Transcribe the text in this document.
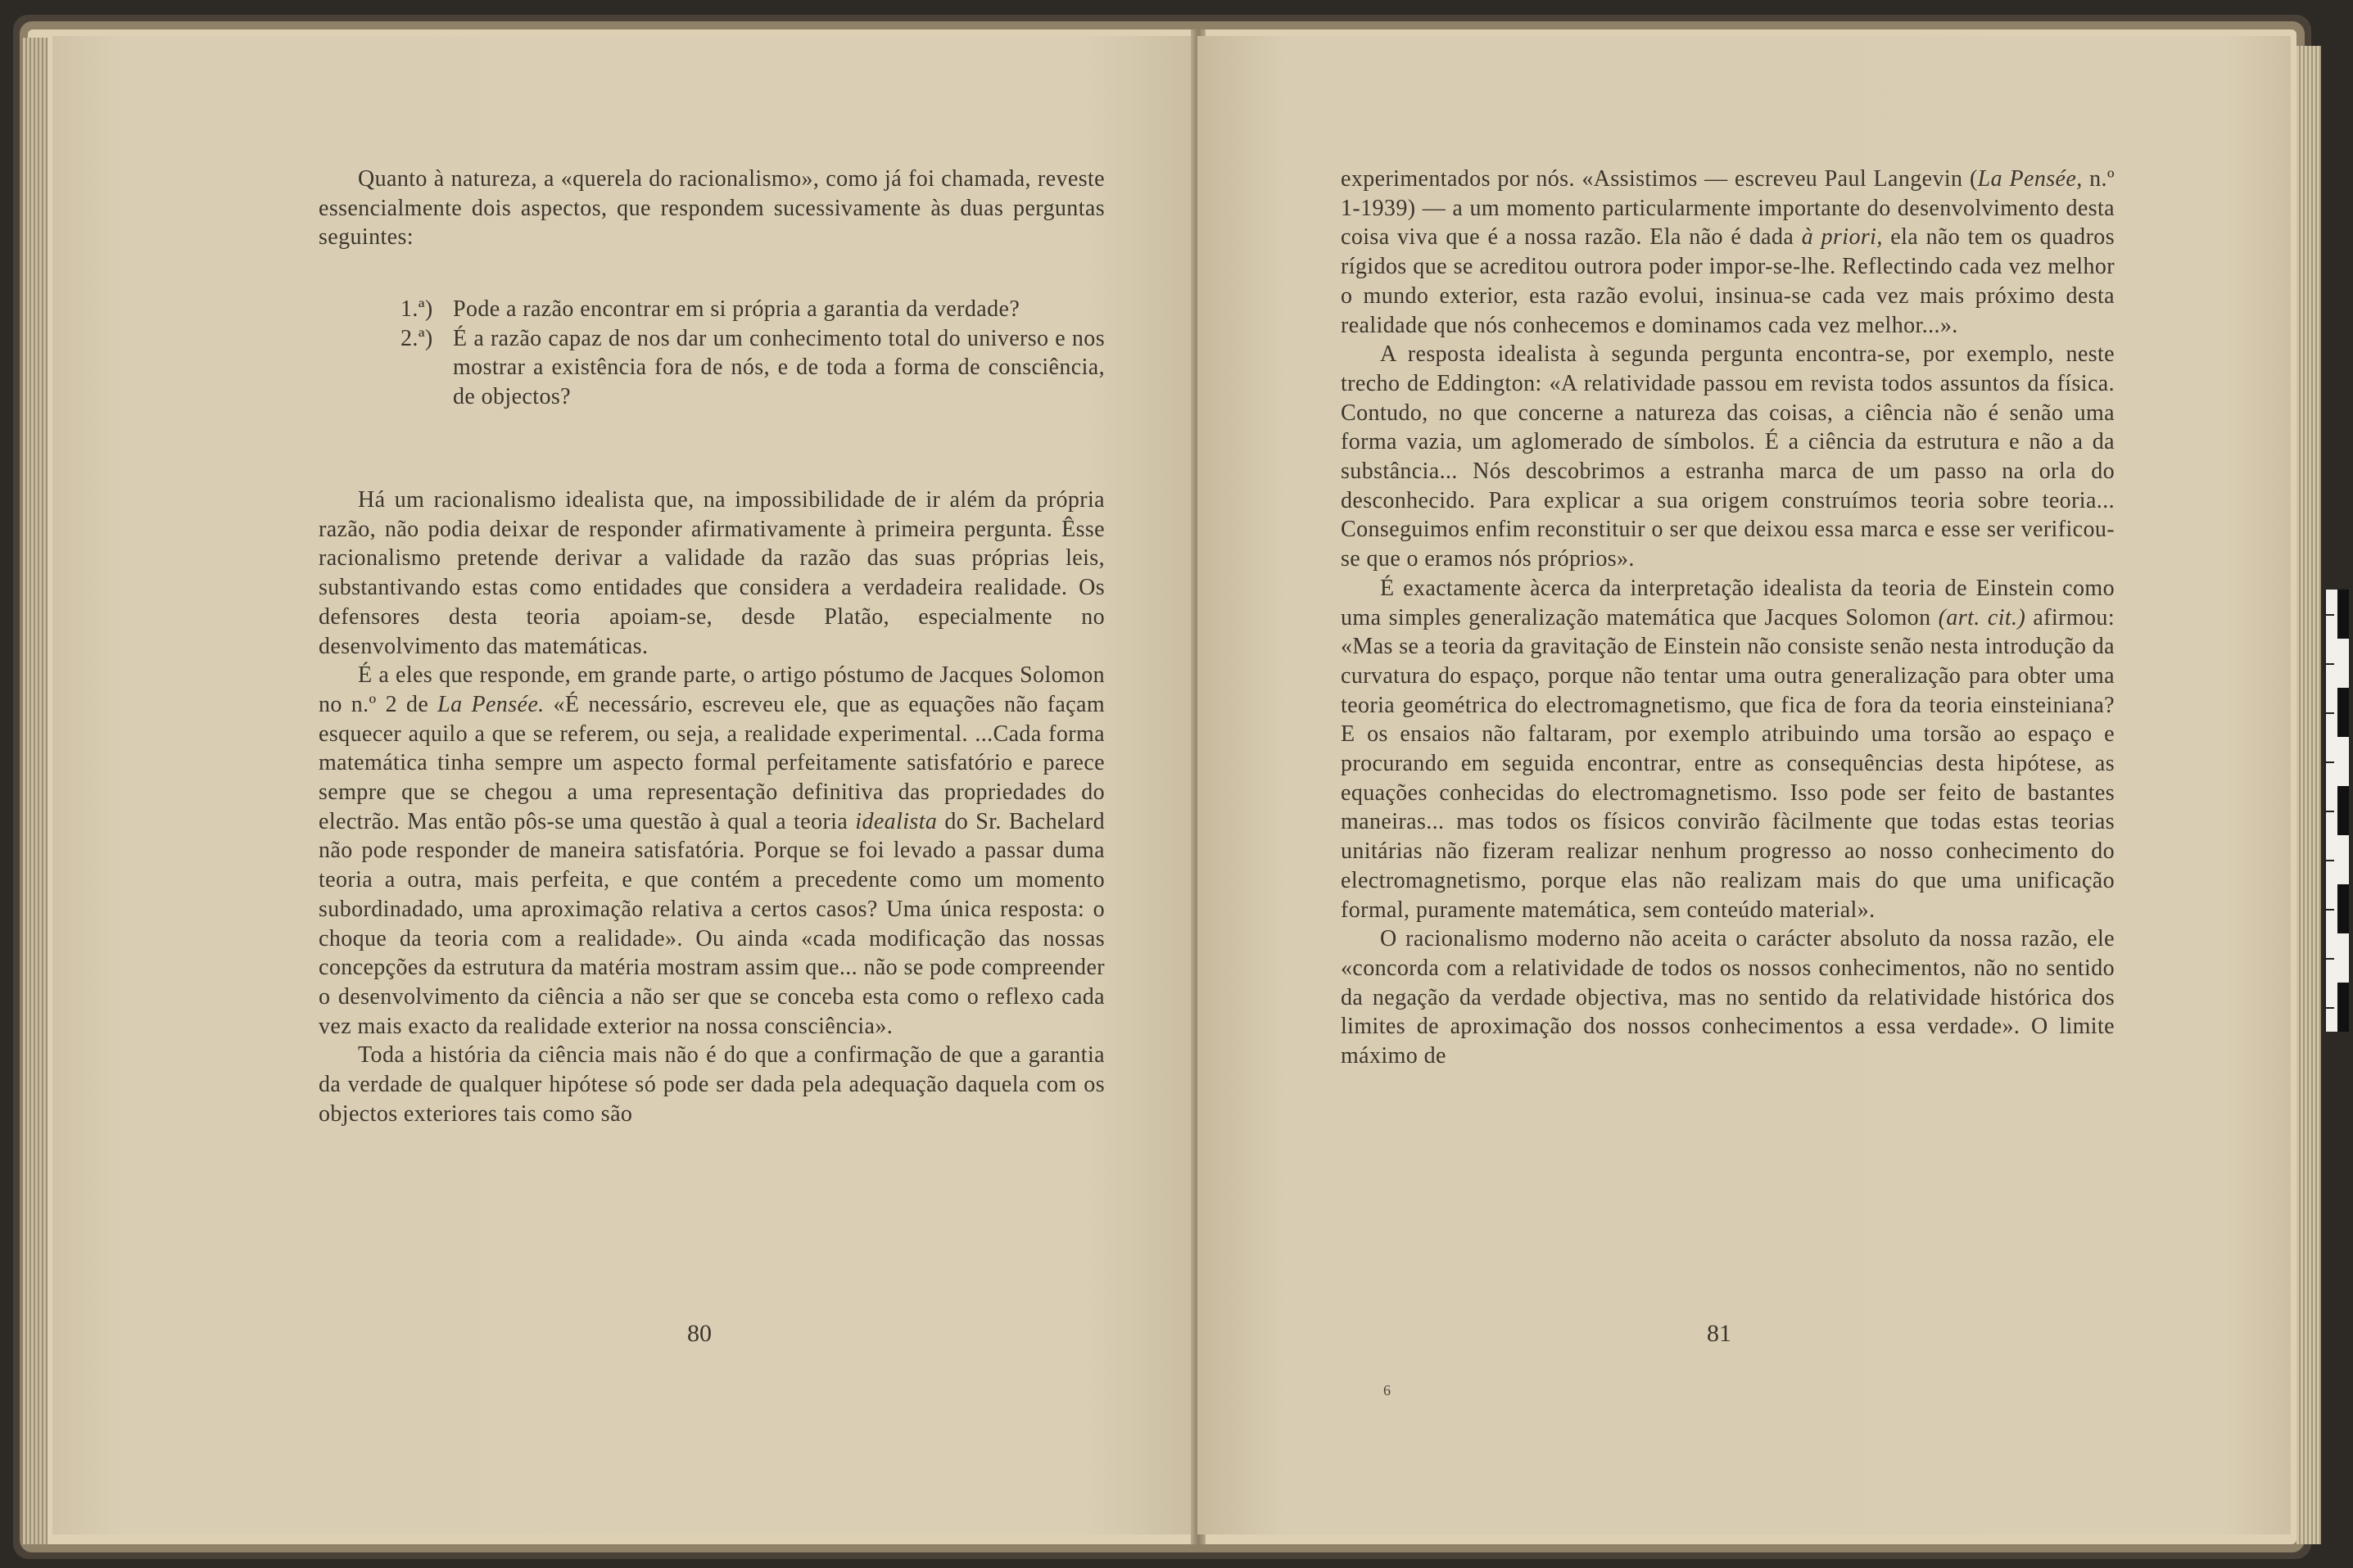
Quanto à natureza, a «querela do racionalismo», como já foi chamada, reveste essencialmente dois aspectos, que respondem sucessivamente às duas perguntas seguintes:

1.ª) Pode a razão encontrar em si própria a garantia da verdade?
2.ª) É a razão capaz de nos dar um conhecimento total do universo e nos mostrar a existência fora de nós, e de toda a forma de consciência, de objectos?

Há um racionalismo idealista que, na impossibilidade de ir além da própria razão, não podia deixar de responder afirmativamente à primeira pergunta. Êsse racionalismo pretende derivar a validade da razão das suas próprias leis, substantivando estas como entidades que considera a verdadeira realidade. Os defensores desta teoria apoiam-se, desde Platão, especialmente no desenvolvimento das matemáticas.

É a eles que responde, em grande parte, o artigo póstumo de Jacques Solomon no n.º 2 de La Pensée. «É necessário, escreveu ele, que as equações não façam esquecer aquilo a que se referem, ou seja, a realidade experimental. ...Cada forma matemática tinha sempre um aspecto formal perfeitamente satisfatório e parece sempre que se chegou a uma representação definitiva das propriedades do electrão. Mas então pôs-se uma questão à qual a teoria idealista do Sr. Bachelard não pode responder de maneira satisfatória. Porque se foi levado a passar duma teoria a outra, mais perfeita, e que contém a precedente como um momento subordinadado, uma aproximação relativa a certos casos? Uma única resposta: o choque da teoria com a realidade». Ou ainda «cada modificação das nossas concepções da estrutura da matéria mostram assim que... não se pode compreender o desenvolvimento da ciência a não ser que se conceba esta como o reflexo cada vez mais exacto da realidade exterior na nossa consciência».

Toda a história da ciência mais não é do que a confirmação de que a garantia da verdade de qualquer hipótese só pode ser dada pela adequação daquela com os objectos exteriores tais como são

80

experimentados por nós. «Assistimos — escreveu Paul Langevin (La Pensée, n.º 1-1939) — a um momento particularmente importante do desenvolvimento desta coisa viva que é a nossa razão. Ela não é dada à priori, ela não tem os quadros rígidos que se acreditou outrora poder impor-se-lhe. Reflectindo cada vez melhor o mundo exterior, esta razão evolui, insinua-se cada vez mais próximo desta realidade que nós conhecemos e dominamos cada vez melhor...».

A resposta idealista à segunda pergunta encontra-se, por exemplo, neste trecho de Eddington: «A relatividade passou em revista todos assuntos da física. Contudo, no que concerne a natureza das coisas, a ciência não é senão uma forma vazia, um aglomerado de símbolos. É a ciência da estrutura e não a da substância... Nós descobrimos a estranha marca de um passo na orla do desconhecido. Para explicar a sua origem construímos teoria sobre teoria... Conseguimos enfim reconstituir o ser que deixou essa marca e esse ser verificou-se que o eramos nós próprios».

É exactamente àcerca da interpretação idealista da teoria de Einstein como uma simples generalização matemática que Jacques Solomon (art. cit.) afirmou: «Mas se a teoria da gravitação de Einstein não consiste senão nesta introdução da curvatura do espaço, porque não tentar uma outra generalização para obter uma teoria geométrica do electromagnetismo, que fica de fora da teoria einsteiniana? E os ensaios não faltaram, por exemplo atribuindo uma torsão ao espaço e procurando em seguida encontrar, entre as consequências desta hipótese, as equações conhecidas do electromagnetismo. Isso pode ser feito de bastantes maneiras... mas todos os físicos convirão fàcilmente que todas estas teorias unitárias não fizeram realizar nenhum progresso ao nosso conhecimento do electromagnetismo, porque elas não realizam mais do que uma unificação formal, puramente matemática, sem conteúdo material».

O racionalismo moderno não aceita o carácter absoluto da nossa razão, ele «concorda com a relatividade de todos os nossos conhecimentos, não no sentido da negação da verdade objectiva, mas no sentido da relatividade histórica dos limites de aproximação dos nossos conhecimentos a essa verdade». O limite máximo de

81
6
